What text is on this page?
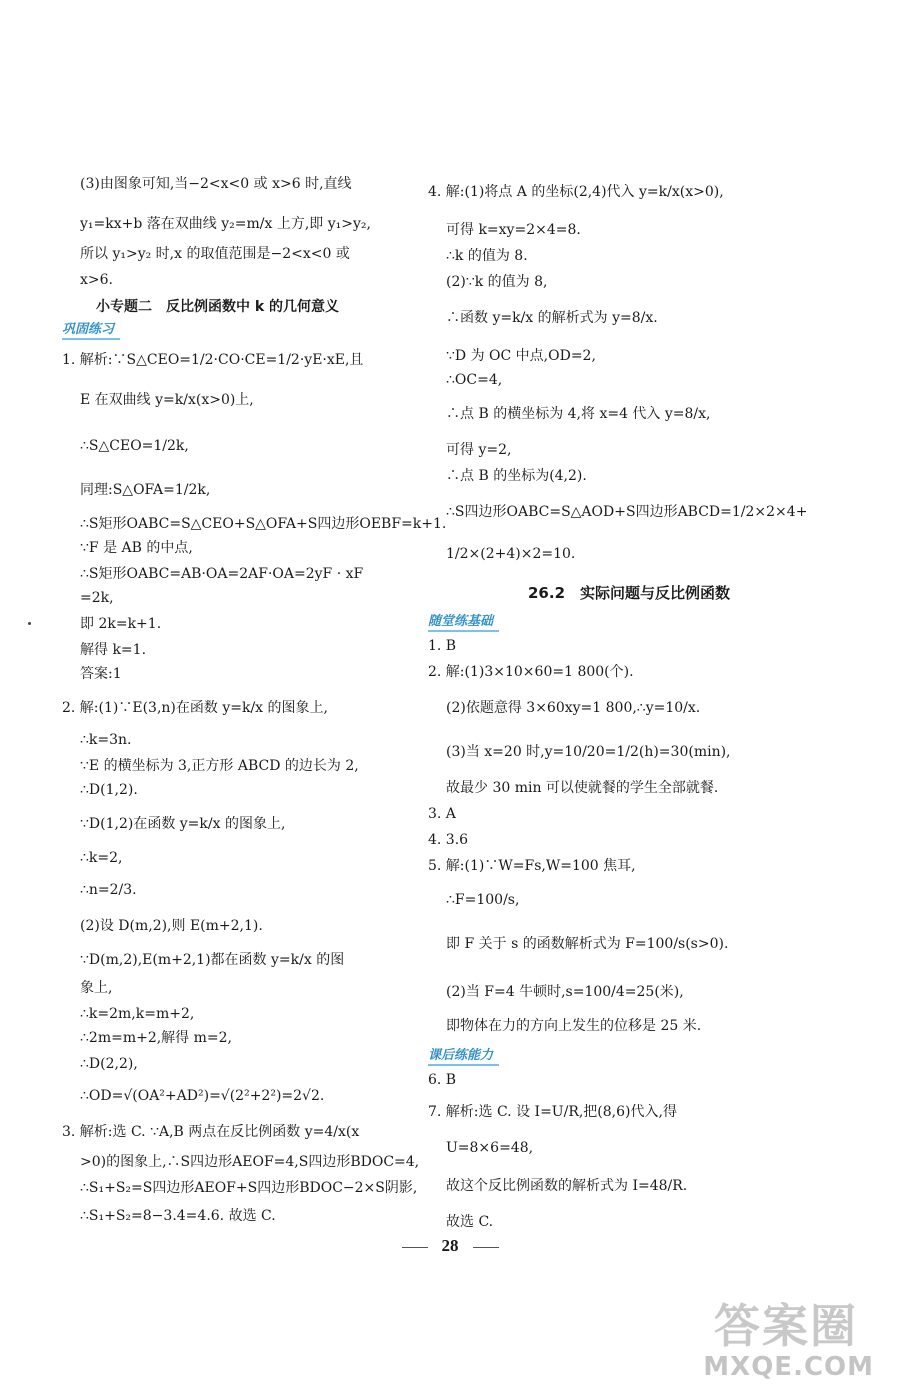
(3)由图象可知,当−2<x<0 或 x>6 时,直线
y₁=kx+b 落在双曲线 y₂=m/x 上方,即 y₁>y₂,
所以 y₁>y₂ 时,x 的取值范围是−2<x<0 或
x>6.
小专题二　反比例函数中 k 的几何意义
巩固练习
1. 解析:∵S△CEO=1/2·CO·CE=1/2·yE·xE,且
E 在双曲线 y=k/x(x>0)上,
∴S△CEO=1/2k,
同理:S△OFA=1/2k,
∴S矩形OABC=S△CEO+S△OFA+S四边形OEBF=k+1.
∵F 是 AB 的中点,
∴S矩形OABC=AB·OA=2AF·OA=2yF · xF
=2k,
即 2k=k+1.
解得 k=1.
答案:1
2. 解:(1)∵E(3,n)在函数 y=k/x 的图象上,
∴k=3n.
∵E 的横坐标为 3,正方形 ABCD 的边长为 2,
∴D(1,2).
∵D(1,2)在函数 y=k/x 的图象上,
∴k=2,
∴n=2/3.
(2)设 D(m,2),则 E(m+2,1).
∵D(m,2),E(m+2,1)都在函数 y=k/x 的图
象上,
∴k=2m,k=m+2,
∴2m=m+2,解得 m=2,
∴D(2,2),
∴OD=√(OA²+AD²)=√(2²+2²)=2√2.
3. 解析:选 C. ∵A,B 两点在反比例函数 y=4/x(x
>0)的图象上,∴S四边形AEOF=4,S四边形BDOC=4,
∴S₁+S₂=S四边形AEOF+S四边形BDOC−2×S阴影,
∴S₁+S₂=8−3.4=4.6. 故选 C.
4. 解:(1)将点 A 的坐标(2,4)代入 y=k/x(x>0),
可得 k=xy=2×4=8.
∴k 的值为 8.
(2)∵k 的值为 8,
∴函数 y=k/x 的解析式为 y=8/x.
∵D 为 OC 中点,OD=2,
∴OC=4,
∴点 B 的横坐标为 4,将 x=4 代入 y=8/x,
可得 y=2,
∴点 B 的坐标为(4,2).
∴S四边形OABC=S△AOD+S四边形ABCD=1/2×2×4+
1/2×(2+4)×2=10.
26.2　实际问题与反比例函数
随堂练基础
1. B
2. 解:(1)3×10×60=1 800(个).
(2)依题意得 3×60xy=1 800,∴y=10/x.
(3)当 x=20 时,y=10/20=1/2(h)=30(min),
故最少 30 min 可以使就餐的学生全部就餐.
3. A
4. 3.6
5. 解:(1)∵W=Fs,W=100 焦耳,
∴F=100/s,
即 F 关于 s 的函数解析式为 F=100/s(s>0).
(2)当 F=4 牛顿时,s=100/4=25(米),
即物体在力的方向上发生的位移是 25 米.
课后练能力
6. B
7. 解析:选 C. 设 I=U/R,把(8,6)代入,得
U=8×6=48,
故这个反比例函数的解析式为 I=48/R.
故选 C.
28
答案圈
MXQE.COM
